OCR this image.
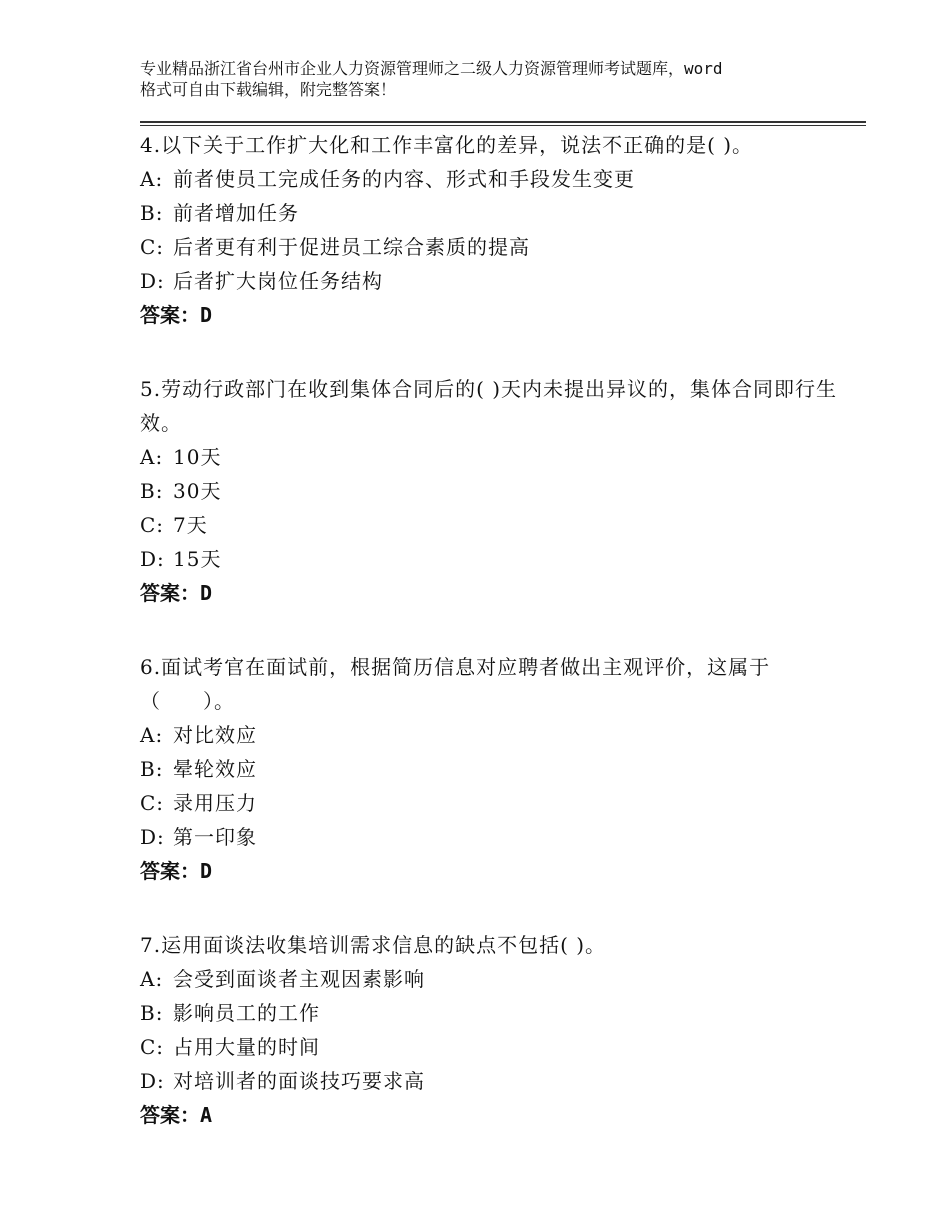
专业精品浙江省台州市企业人力资源管理师之二级人力资源管理师考试题库，word
格式可自由下载编辑，附完整答案！
4.以下关于工作扩大化和工作丰富化的差异，说法不正确的是( )。
A: 前者使员工完成任务的内容、形式和手段发生变更
B: 前者增加任务
C: 后者更有利于促进员工综合素质的提高
D: 后者扩大岗位任务结构
答案：D
5.劳动行政部门在收到集体合同后的( )天内未提出异议的，集体合同即行生效。
A: 10天
B: 30天
C: 7天
D: 15天
答案：D
6.面试考官在面试前，根据简历信息对应聘者做出主观评价，这属于（　　）。
A: 对比效应
B: 晕轮效应
C: 录用压力
D: 第一印象
答案：D
7.运用面谈法收集培训需求信息的缺点不包括( )。
A: 会受到面谈者主观因素影响
B: 影响员工的工作
C: 占用大量的时间
D: 对培训者的面谈技巧要求高
答案：A
